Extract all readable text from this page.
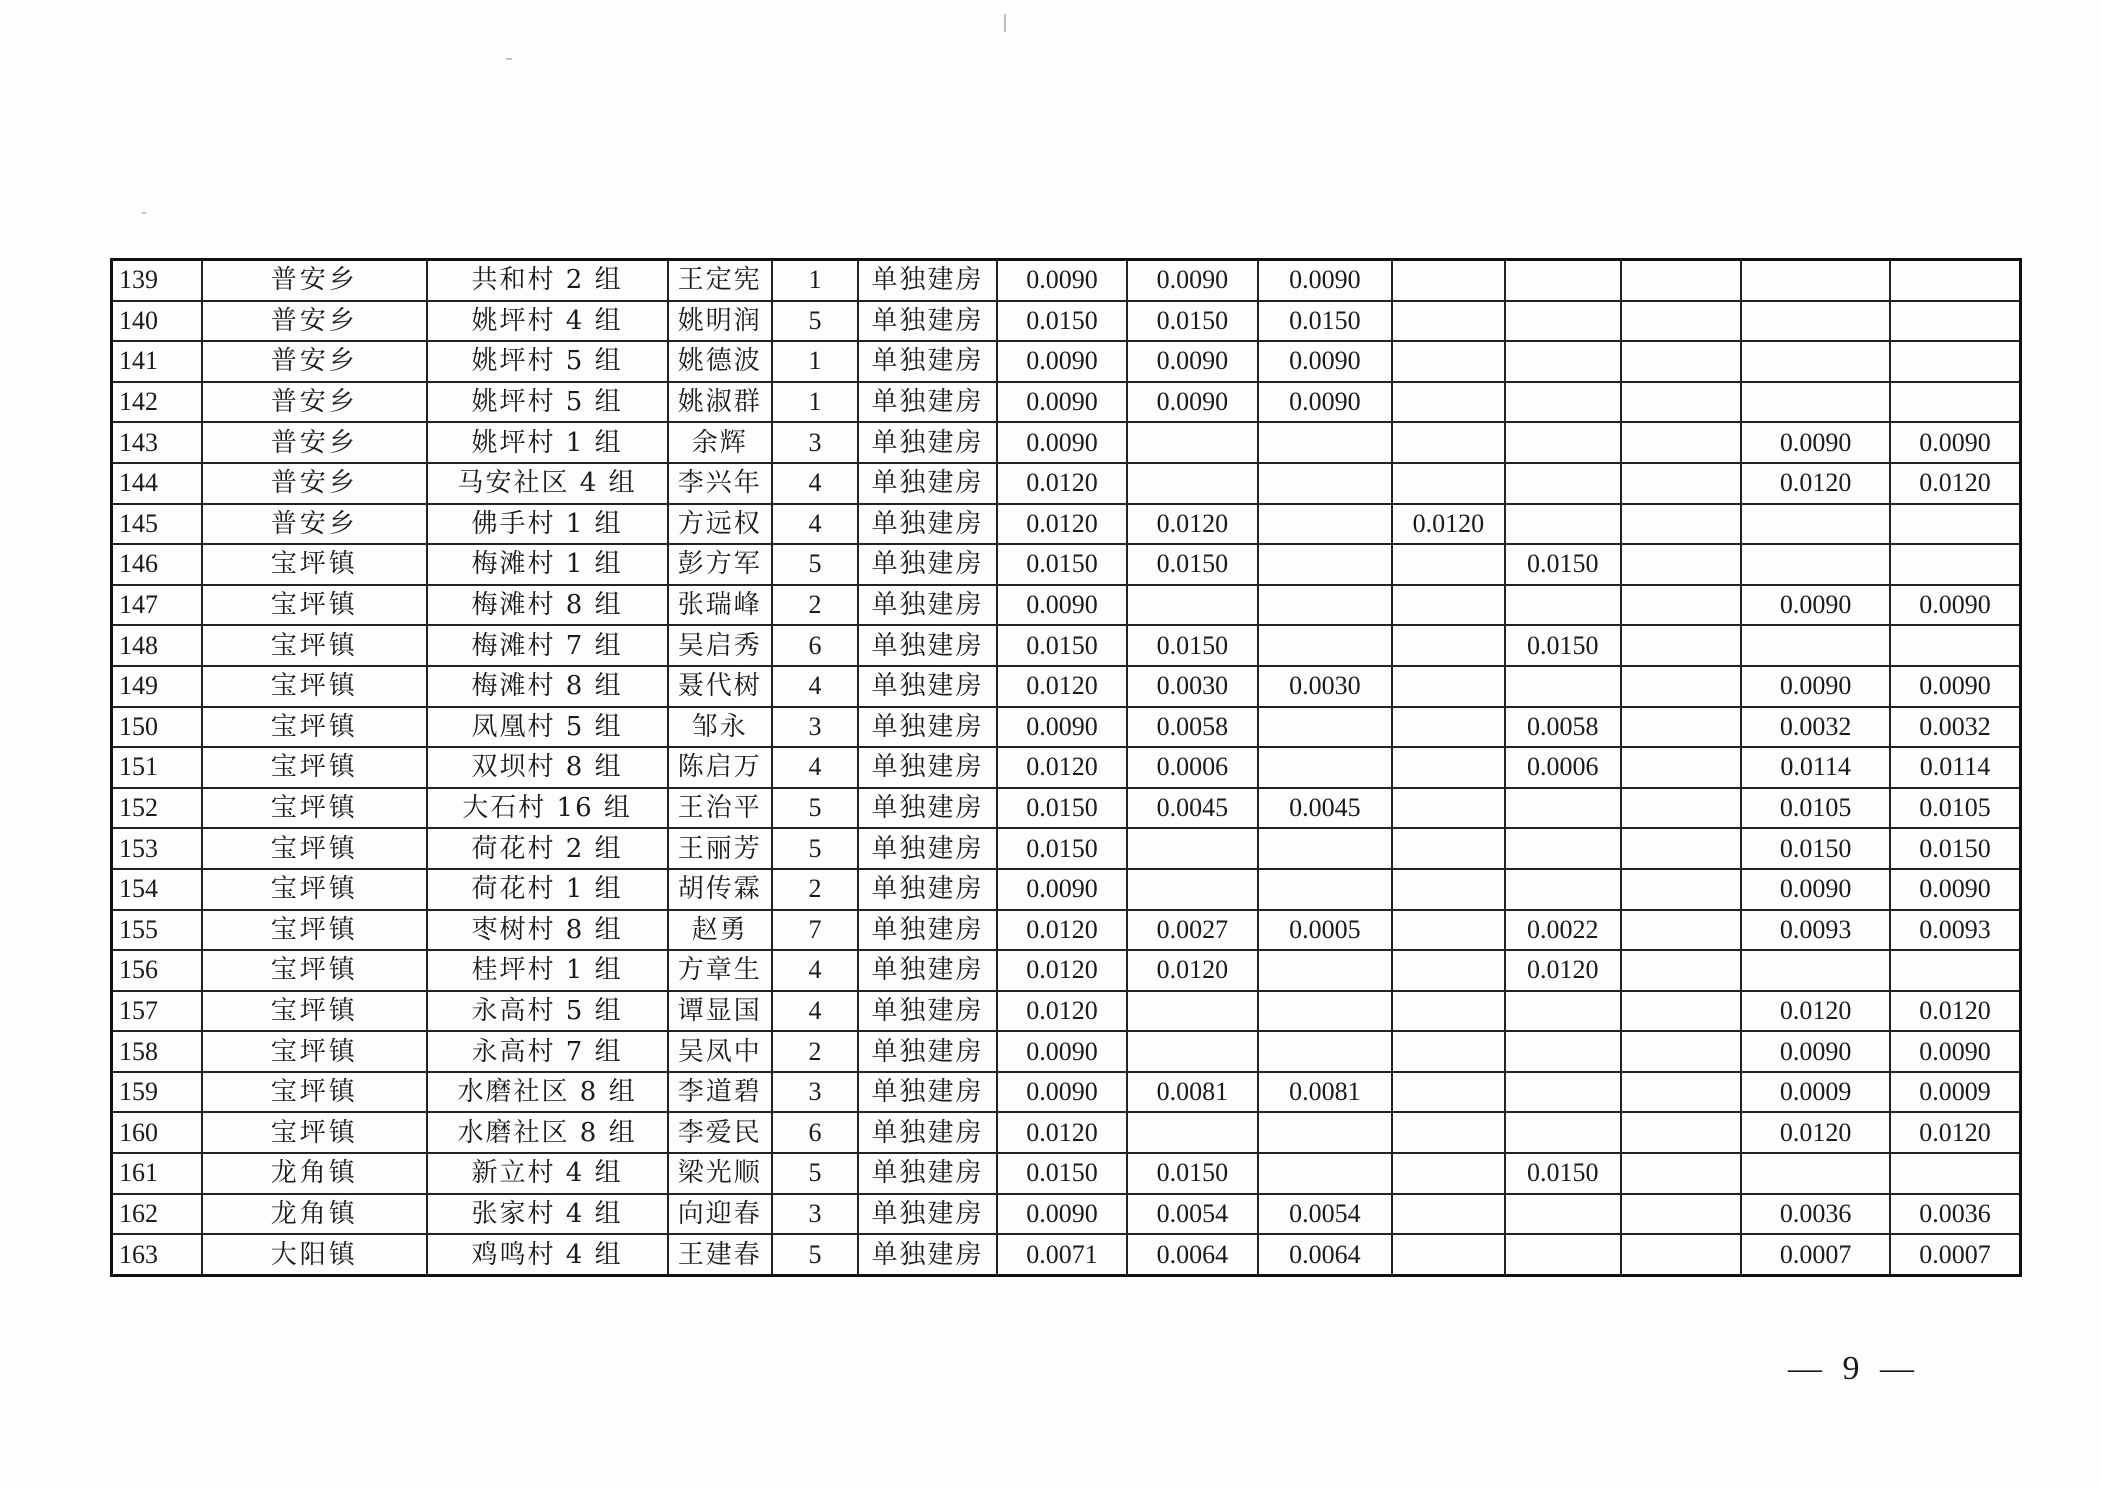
139	普安乡	共和村 2 组	王定宪	1	单独建房	0.0090	0.0090	0.0090					
140	普安乡	姚坪村 4 组	姚明润	5	单独建房	0.0150	0.0150	0.0150					
141	普安乡	姚坪村 5 组	姚德波	1	单独建房	0.0090	0.0090	0.0090					
142	普安乡	姚坪村 5 组	姚淑群	1	单独建房	0.0090	0.0090	0.0090					
143	普安乡	姚坪村 1 组	余辉	3	单独建房	0.0090						0.0090	0.0090
144	普安乡	马安社区 4 组	李兴年	4	单独建房	0.0120						0.0120	0.0120
145	普安乡	佛手村 1 组	方远权	4	单独建房	0.0120	0.0120		0.0120				
146	宝坪镇	梅滩村 1 组	彭方军	5	单独建房	0.0150	0.0150			0.0150			
147	宝坪镇	梅滩村 8 组	张瑞峰	2	单独建房	0.0090						0.0090	0.0090
148	宝坪镇	梅滩村 7 组	吴启秀	6	单独建房	0.0150	0.0150			0.0150			
149	宝坪镇	梅滩村 8 组	聂代树	4	单独建房	0.0120	0.0030	0.0030				0.0090	0.0090
150	宝坪镇	凤凰村 5 组	邹永	3	单独建房	0.0090	0.0058			0.0058		0.0032	0.0032
151	宝坪镇	双坝村 8 组	陈启万	4	单独建房	0.0120	0.0006			0.0006		0.0114	0.0114
152	宝坪镇	大石村 16 组	王治平	5	单独建房	0.0150	0.0045	0.0045				0.0105	0.0105
153	宝坪镇	荷花村 2 组	王丽芳	5	单独建房	0.0150						0.0150	0.0150
154	宝坪镇	荷花村 1 组	胡传霖	2	单独建房	0.0090						0.0090	0.0090
155	宝坪镇	枣树村 8 组	赵勇	7	单独建房	0.0120	0.0027	0.0005		0.0022		0.0093	0.0093
156	宝坪镇	桂坪村 1 组	方章生	4	单独建房	0.0120	0.0120			0.0120			
157	宝坪镇	永高村 5 组	谭显国	4	单独建房	0.0120						0.0120	0.0120
158	宝坪镇	永高村 7 组	吴凤中	2	单独建房	0.0090						0.0090	0.0090
159	宝坪镇	水磨社区 8 组	李道碧	3	单独建房	0.0090	0.0081	0.0081				0.0009	0.0009
160	宝坪镇	水磨社区 8 组	李爱民	6	单独建房	0.0120						0.0120	0.0120
161	龙角镇	新立村 4 组	梁光顺	5	单独建房	0.0150	0.0150			0.0150			
162	龙角镇	张家村 4 组	向迎春	3	单独建房	0.0090	0.0054	0.0054				0.0036	0.0036
163	大阳镇	鸡鸣村 4 组	王建春	5	单独建房	0.0071	0.0064	0.0064				0.0007	0.0007
— 9 —
